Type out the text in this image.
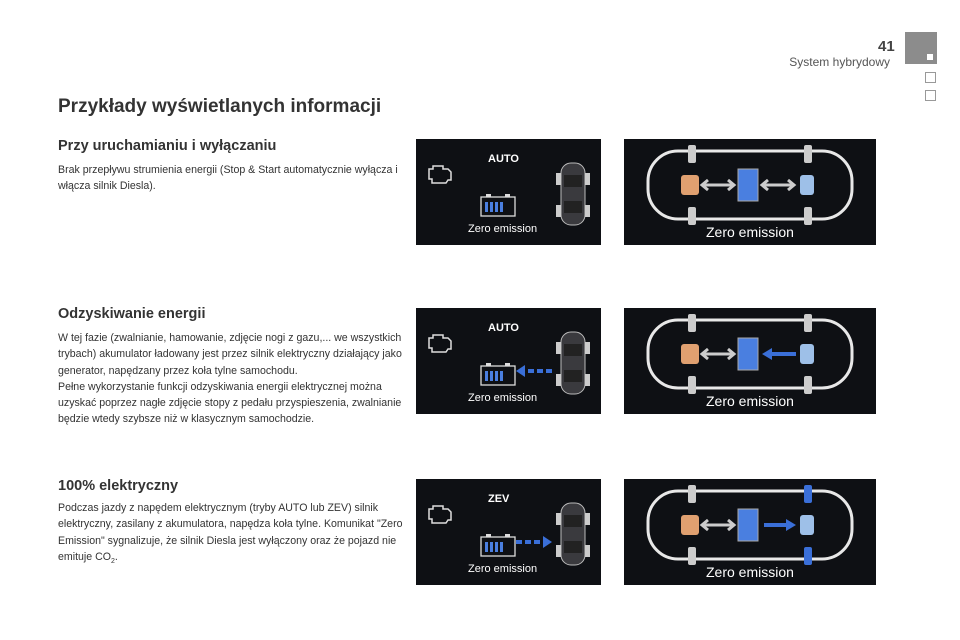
41
System hybrydowy
Przykłady wyświetlanych informacji
Przy uruchamianiu i wyłączaniu

Brak przepływu strumienia energii (Stop & Start automatycznie wyłącza i włącza silnik Diesla).

Odzyskiwanie energii

W tej fazie (zwalnianie, hamowanie, zdjęcie nogi z gazu,... we wszystkich trybach) akumulator ładowany jest przez silnik elektryczny działający jako generator, napędzany przez koła tylne samochodu.

Pełne wykorzystanie funkcji odzyskiwania energii elektrycznej można uzyskać poprzez nagłe zdjęcie stopy z pedału przyspieszenia, zwalnianie będzie wtedy szybsze niż w klasycznym samochodzie.

100% elektryczny

Podczas jazdy z napędem elektrycznym (tryby AUTO lub ZEV) silnik elektryczny, zasilany z akumulatora, napędza koła tylne. Komunikat "Zero Emission" sygnalizuje, że silnik Diesla jest wyłączony oraz że pojazd nie emituje $CO_2$.

AUTO
Zero emission
AUTO
Zero emission
ZEV
Zero emission
Zero emission
Zero emission
Zero emission
